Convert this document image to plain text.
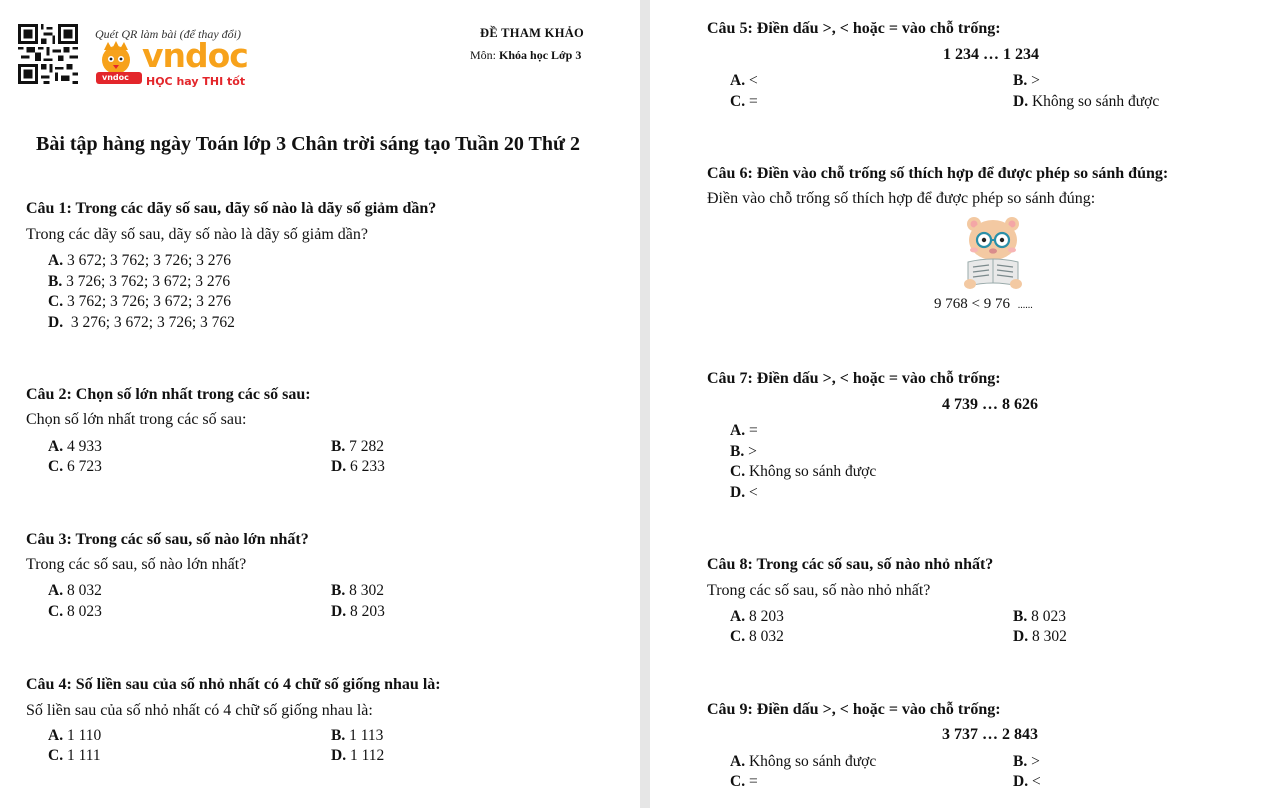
Quét QR làm bài (để thay đổi)
vndoc
vndoc HỌC hay THI tốt
ĐỀ THAM KHẢO
Môn: Khóa học Lớp 3
Bài tập hàng ngày Toán lớp 3 Chân trời sáng tạo Tuần 20 Thứ 2
Câu 1: Trong các dãy số sau, dãy số nào là dãy số giảm dần?
Trong các dãy số sau, dãy số nào là dãy số giảm dần?
A. 3 672; 3 762; 3 726; 3 276
B. 3 726; 3 762; 3 672; 3 276
C. 3 762; 3 726; 3 672; 3 276
D.  3 276; 3 672; 3 726; 3 762
Câu 2: Chọn số lớn nhất trong các số sau:
Chọn số lớn nhất trong các số sau:
A. 4 933	B. 7 282
C. 6 723	D. 6 233
Câu 3: Trong các số sau, số nào lớn nhất?
Trong các số sau, số nào lớn nhất?
A. 8 032	B. 8 302
C. 8 023	D. 8 203
Câu 4: Số liền sau của số nhỏ nhất có 4 chữ số giống nhau là:
Số liền sau của số nhỏ nhất có 4 chữ số giống nhau là:
A. 1 110	B. 1 113
C. 1 111	D. 1 112
Câu 5: Điền dấu >, < hoặc = vào chỗ trống:
1 234 … 1 234
A. <	B. >
C. =	D. Không so sánh được
Câu 6: Điền vào chỗ trống số thích hợp để được phép so sánh đúng:
Điền vào chỗ trống số thích hợp để được phép so sánh đúng:
9 768 < 9 76 ......
Câu 7: Điền dấu >, < hoặc = vào chỗ trống:
4 739 … 8 626
A. =
B. >
C. Không so sánh được
D. <
Câu 8: Trong các số sau, số nào nhỏ nhất?
Trong các số sau, số nào nhỏ nhất?
A. 8 203	B. 8 023
C. 8 032	D. 8 302
Câu 9: Điền dấu >, < hoặc = vào chỗ trống:
3 737 … 2 843
A. Không so sánh được	B. >
C. =	D. <
